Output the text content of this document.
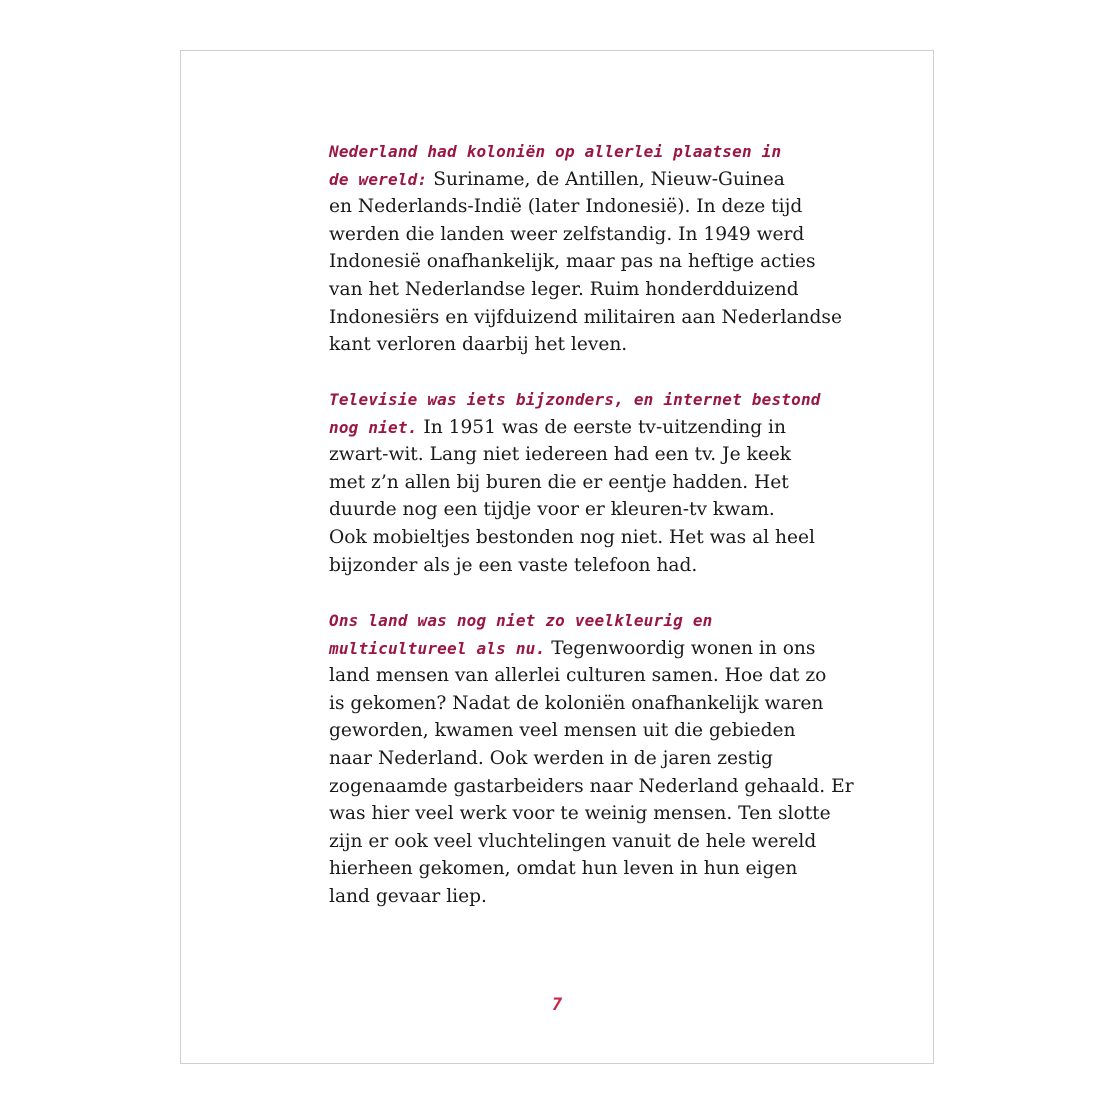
Nederland had koloniën op allerlei plaatsen in
de wereld: Suriname, de Antillen, Nieuw-Guinea
en Nederlands-Indië (later Indonesië). In deze tijd
werden die landen weer zelfstandig. In 1949 werd
Indonesië onafhankelijk, maar pas na heftige acties
van het Nederlandse leger. Ruim honderdduizend
Indonesiërs en vijfduizend militairen aan Nederlandse
kant verloren daarbij het leven.
Televisie was iets bijzonders, en internet bestond
nog niet. In 1951 was de eerste tv-uitzending in
zwart-wit. Lang niet iedereen had een tv. Je keek
met z’n allen bij buren die er eentje hadden. Het
duurde nog een tijdje voor er kleuren-tv kwam.
Ook mobieltjes bestonden nog niet. Het was al heel
bijzonder als je een vaste telefoon had.
Ons land was nog niet zo veelkleurig en
multicultureel als nu. Tegenwoordig wonen in ons
land mensen van allerlei culturen samen. Hoe dat zo
is gekomen? Nadat de koloniën onafhankelijk waren
geworden, kwamen veel mensen uit die gebieden
naar Nederland. Ook werden in de jaren zestig
zogenaamde gastarbeiders naar Nederland gehaald. Er
was hier veel werk voor te weinig mensen. Ten slotte
zijn er ook veel vluchtelingen vanuit de hele wereld
hierheen gekomen, omdat hun leven in hun eigen
land gevaar liep.
7
